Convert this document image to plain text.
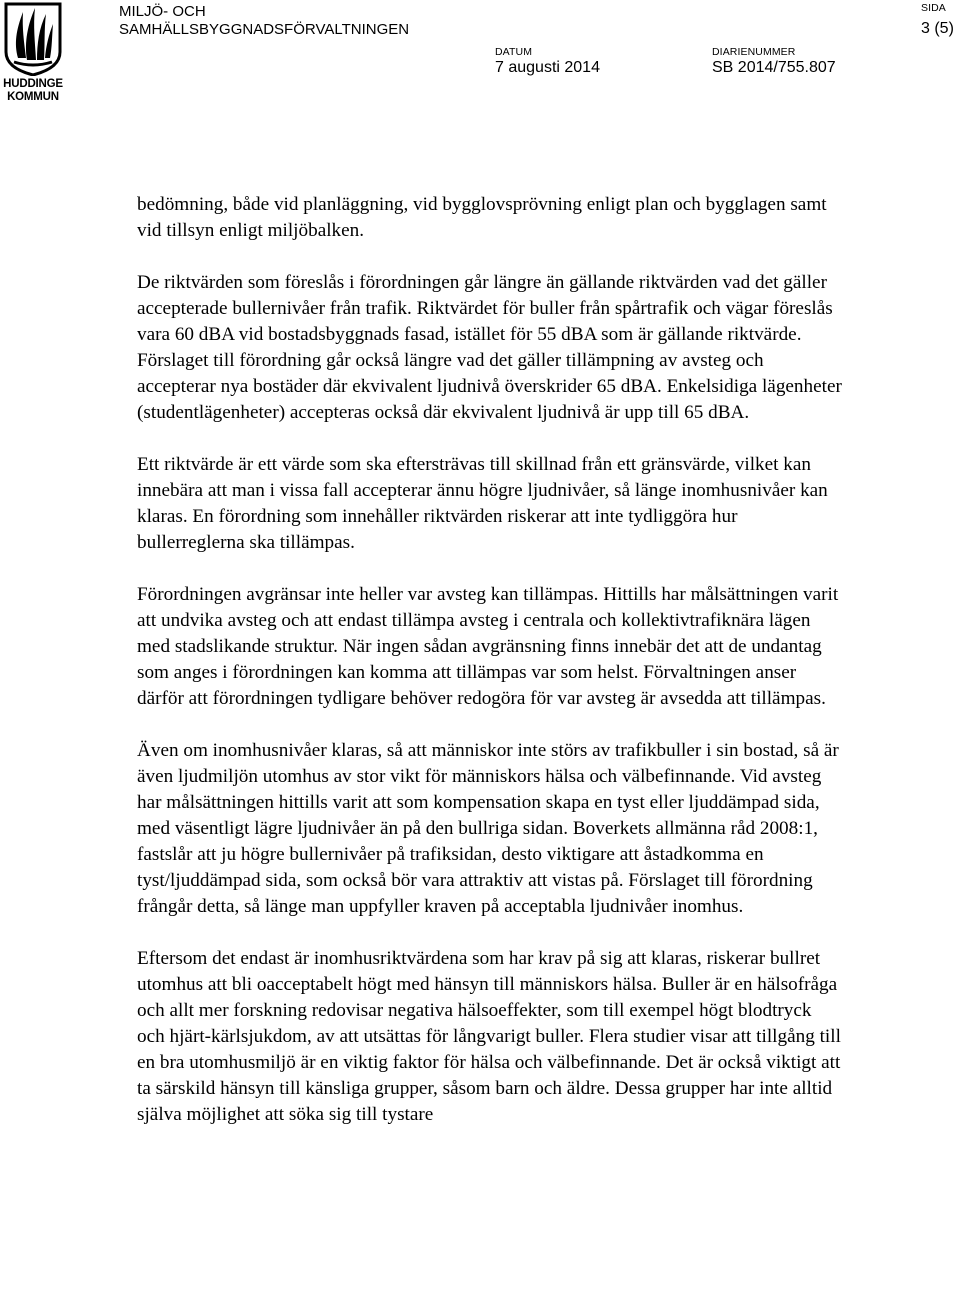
HUDDINGE
KOMMUN
MILJÖ- OCH
SAMHÄLLSBYGGNADSFÖRVALTNINGEN
SIDA
3 (5)
DATUM
7 augusti 2014
DIARIENUMMER
SB 2014/755.807

bedömning, både vid planläggning, vid bygglovsprövning enligt plan och bygglagen samt vid tillsyn enligt miljöbalken.

De riktvärden som föreslås i förordningen går längre än gällande riktvärden vad det gäller accepterade bullernivåer från trafik. Riktvärdet för buller från spårtrafik och vägar föreslås vara 60 dBA vid bostadsbyggnads fasad, istället för 55 dBA som är gällande riktvärde. Förslaget till förordning går också längre vad det gäller tillämpning av avsteg och accepterar nya bostäder där ekvivalent ljudnivå överskrider 65 dBA. Enkelsidiga lägenheter (studentlägenheter) accepteras också där ekvivalent ljudnivå är upp till 65 dBA.

Ett riktvärde är ett värde som ska eftersträvas till skillnad från ett gränsvärde, vilket kan innebära att man i vissa fall accepterar ännu högre ljudnivåer, så länge inomhusnivåer kan klaras. En förordning som innehåller riktvärden riskerar att inte tydliggöra hur bullerreglerna ska tillämpas.

Förordningen avgränsar inte heller var avsteg kan tillämpas. Hittills har målsättningen varit att undvika avsteg och att endast tillämpa avsteg i centrala och kollektivtrafiknära lägen med stadslikande struktur. När ingen sådan avgränsning finns innebär det att de undantag som anges i förordningen kan komma att tillämpas var som helst. Förvaltningen anser därför att förordningen tydligare behöver redogöra för var avsteg är avsedda att tillämpas.

Även om inomhusnivåer klaras, så att människor inte störs av trafikbuller i sin bostad, så är även ljudmiljön utomhus av stor vikt för människors hälsa och välbefinnande. Vid avsteg har målsättningen hittills varit att som kompensation skapa en tyst eller ljuddämpad sida, med väsentligt lägre ljudnivåer än på den bullriga sidan. Boverkets allmänna råd 2008:1, fastslår att ju högre bullernivåer på trafiksidan, desto viktigare att åstadkomma en tyst/ljuddämpad sida, som också bör vara attraktiv att vistas på. Förslaget till förordning frångår detta, så länge man uppfyller kraven på acceptabla ljudnivåer inomhus.

Eftersom det endast är inomhusriktvärdena som har krav på sig att klaras, riskerar bullret utomhus att bli oacceptabelt högt med hänsyn till människors hälsa. Buller är en hälsofråga och allt mer forskning redovisar negativa hälsoeffekter, som till exempel högt blodtryck och hjärt-kärlsjukdom, av att utsättas för långvarigt buller. Flera studier visar att tillgång till en bra utomhusmiljö är en viktig faktor för hälsa och välbefinnande. Det är också viktigt att ta särskild hänsyn till känsliga grupper, såsom barn och äldre. Dessa grupper har inte alltid själva möjlighet att söka sig till tystare
